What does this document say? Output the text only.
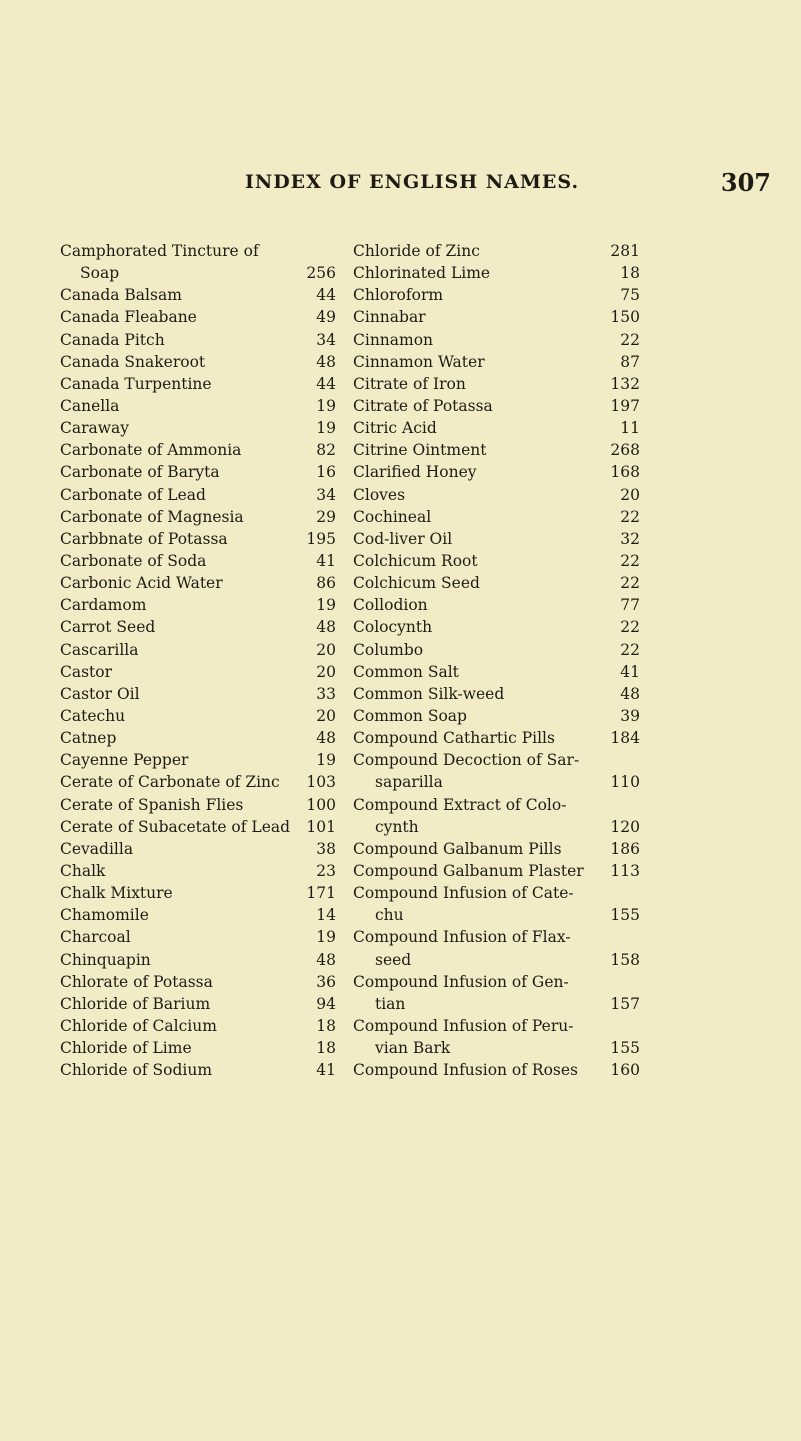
INDEX OF ENGLISH NAMES.	307
Camphorated Tincture of
Soap	256
Canada Balsam	44
Canada Fleabane	49
Canada Pitch	34
Canada Snakeroot	48
Canada Turpentine	44
Canella	19
Caraway	19
Carbonate of Ammonia	82
Carbonate of Baryta	16
Carbonate of Lead	34
Carbonate of Magnesia	29
Carbbnate of Potassa	195
Carbonate of Soda	41
Carbonic Acid Water	86
Cardamom	19
Carrot Seed	48
Cascarilla	20
Castor	20
Castor Oil	33
Catechu	20
Catnep	48
Cayenne Pepper	19
Cerate of Carbonate of Zinc 103
Cerate of Spanish Flies	100
Cerate of Subacetate of Lead 101
Cevadilla	38
Chalk	23
Chalk Mixture	171
Chamomile	14
Charcoal	19
Chinquapin	48
Chlorate of Potassa	36
Chloride of Barium	94
Chloride of Calcium	18
Chloride of Lime	18
Chloride of Sodium	41
Chloride of Zinc	281
Chlorinated Lime	18
Chloroform	75
Cinnabar	150
Cinnamon	22
Cinnamon Water	87
Citrate of Iron	132
Citrate of Potassa	197
Citric Acid	11
Citrine Ointment	268
Clarified Honey	168
Cloves	20
Cochineal	22
Cod-liver Oil	32
Colchicum Root	22
Colchicum Seed	22
Collodion	77
Colocynth	22
Columbo	22
Common Salt	41
Common Silk-weed	48
Common Soap	39
Compound Cathartic Pills	184
Compound Decoction of Sar-
saparilla	110
Compound Extract of Colo-
cynth	120
Compound Galbanum Pills	186
Compound Galbanum Plaster 113
Compound Infusion of Cate-
chu	155
Compound Infusion of Flax-
seed	158
Compound Infusion of Gen-
tian	157
Compound Infusion of Peru-
vian Bark	155
Compound Infusion of Roses 160
